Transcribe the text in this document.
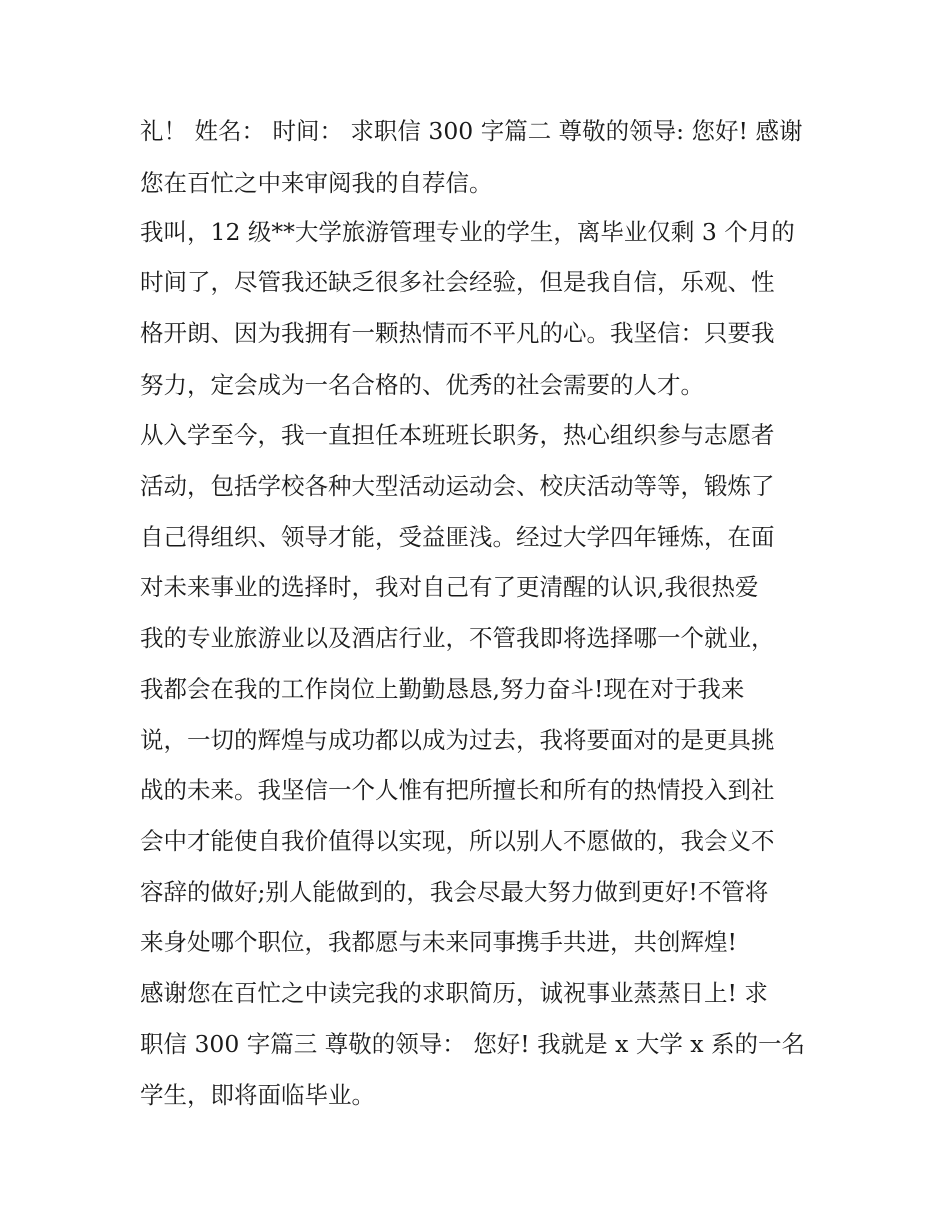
礼！ 姓名： 时间： 求职信 300 字篇二 尊敬的领导: 您好! 感谢
您在百忙之中来审阅我的自荐信。
我叫，12 级**大学旅游管理专业的学生，离毕业仅剩 3 个月的
时间了，尽管我还缺乏很多社会经验，但是我自信，乐观、性
格开朗、因为我拥有一颗热情而不平凡的心。我坚信：只要我
努力，定会成为一名合格的、优秀的社会需要的人才。
从入学至今，我一直担任本班班长职务，热心组织参与志愿者
活动，包括学校各种大型活动运动会、校庆活动等等，锻炼了
自己得组织、领导才能，受益匪浅。经过大学四年锤炼，在面
对未来事业的选择时，我对自己有了更清醒的认识,我很热爱
我的专业旅游业以及酒店行业，不管我即将选择哪一个就业，
我都会在我的工作岗位上勤勤恳恳,努力奋斗!现在对于我来
说，一切的辉煌与成功都以成为过去，我将要面对的是更具挑
战的未来。我坚信一个人惟有把所擅长和所有的热情投入到社
会中才能使自我价值得以实现，所以别人不愿做的，我会义不
容辞的做好;别人能做到的，我会尽最大努力做到更好!不管将
来身处哪个职位，我都愿与未来同事携手共进，共创辉煌!
感谢您在百忙之中读完我的求职简历，诚祝事业蒸蒸日上! 求
职信 300 字篇三 尊敬的领导： 您好! 我就是 x 大学 x 系的一名
学生，即将面临毕业。
